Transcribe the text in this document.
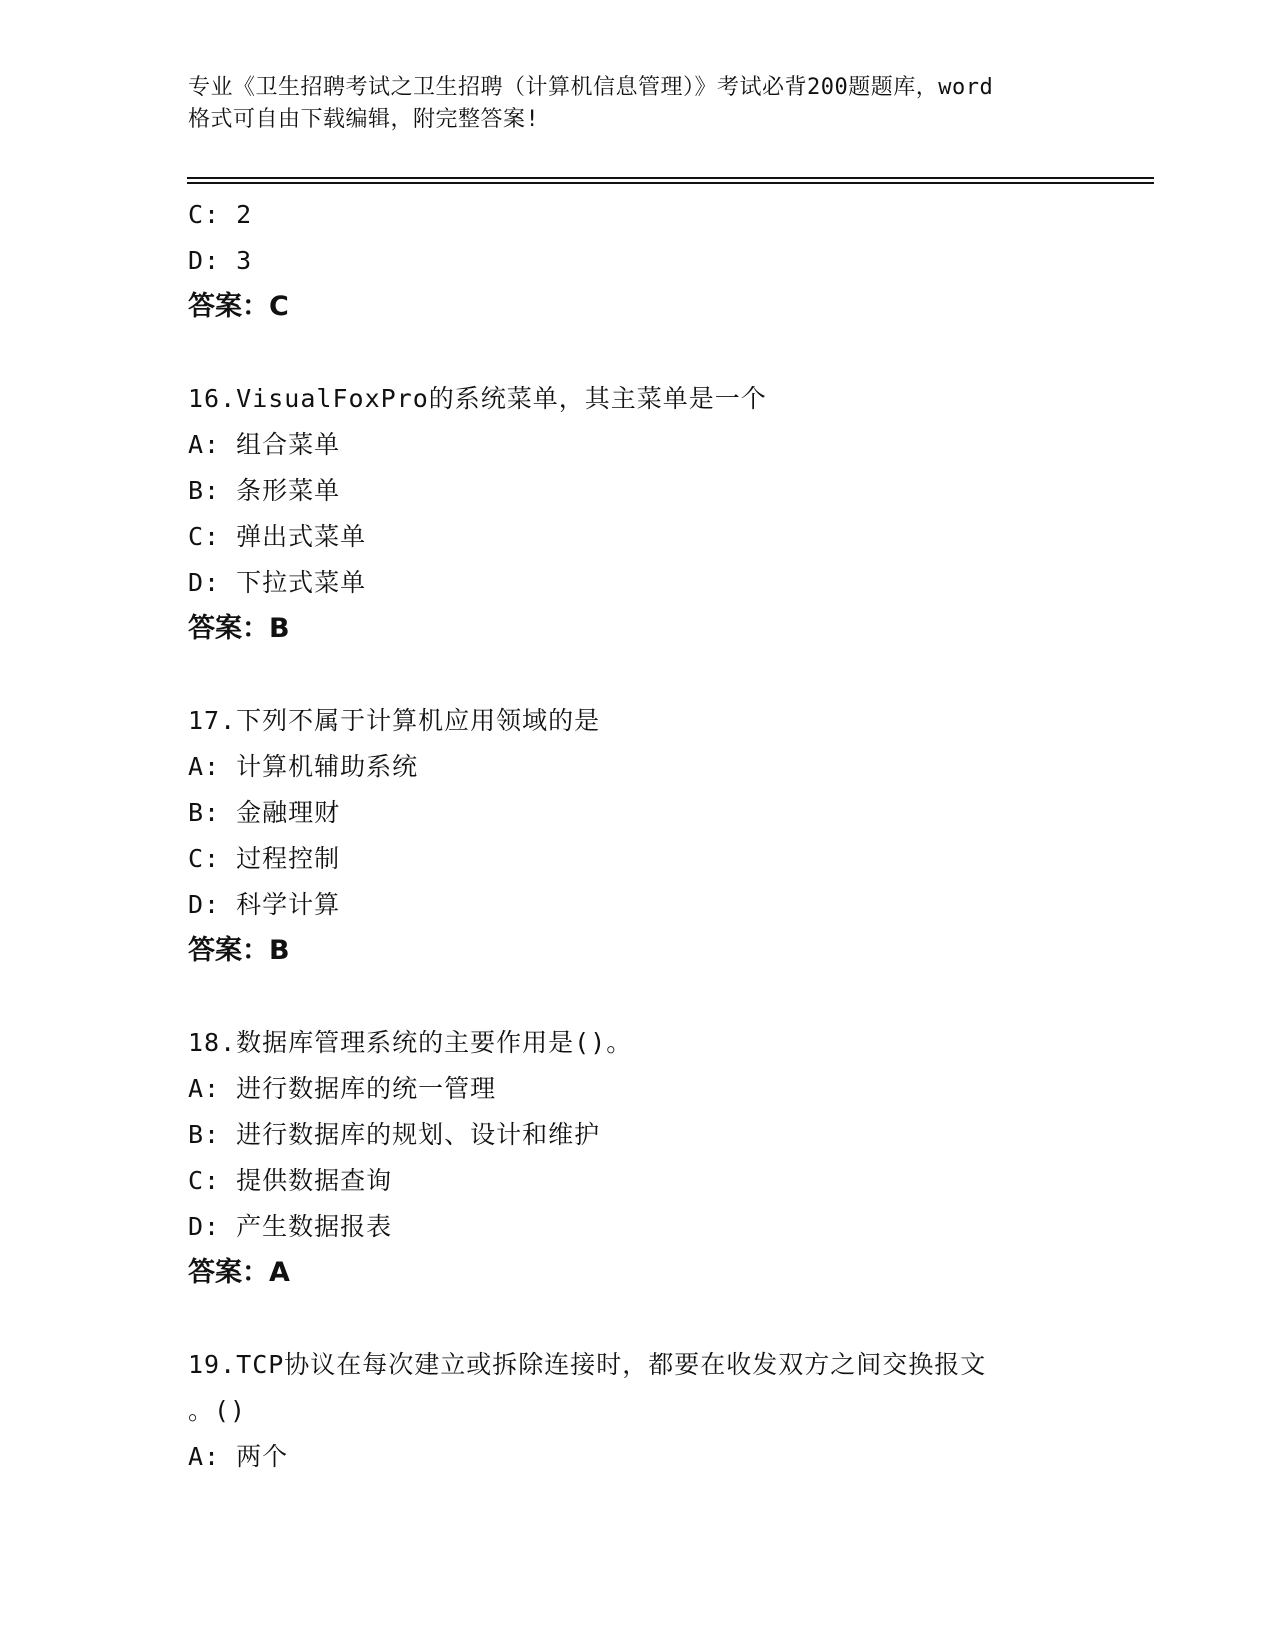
专业《卫生招聘考试之卫生招聘（计算机信息管理）》考试必背200题题库，word
格式可自由下载编辑，附完整答案!
C: 2
D: 3
答案：C
16.VisualFoxPro的系统菜单，其主菜单是一个
A: 组合菜单
B: 条形菜单
C: 弹出式菜单
D: 下拉式菜单
答案：B
17.下列不属于计算机应用领域的是
A: 计算机辅助系统
B: 金融理财
C: 过程控制
D: 科学计算
答案：B
18.数据库管理系统的主要作用是()。
A: 进行数据库的统一管理
B: 进行数据库的规划、设计和维护
C: 提供数据查询
D: 产生数据报表
答案：A
19.TCP协议在每次建立或拆除连接时，都要在收发双方之间交换报文
。()
A: 两个
